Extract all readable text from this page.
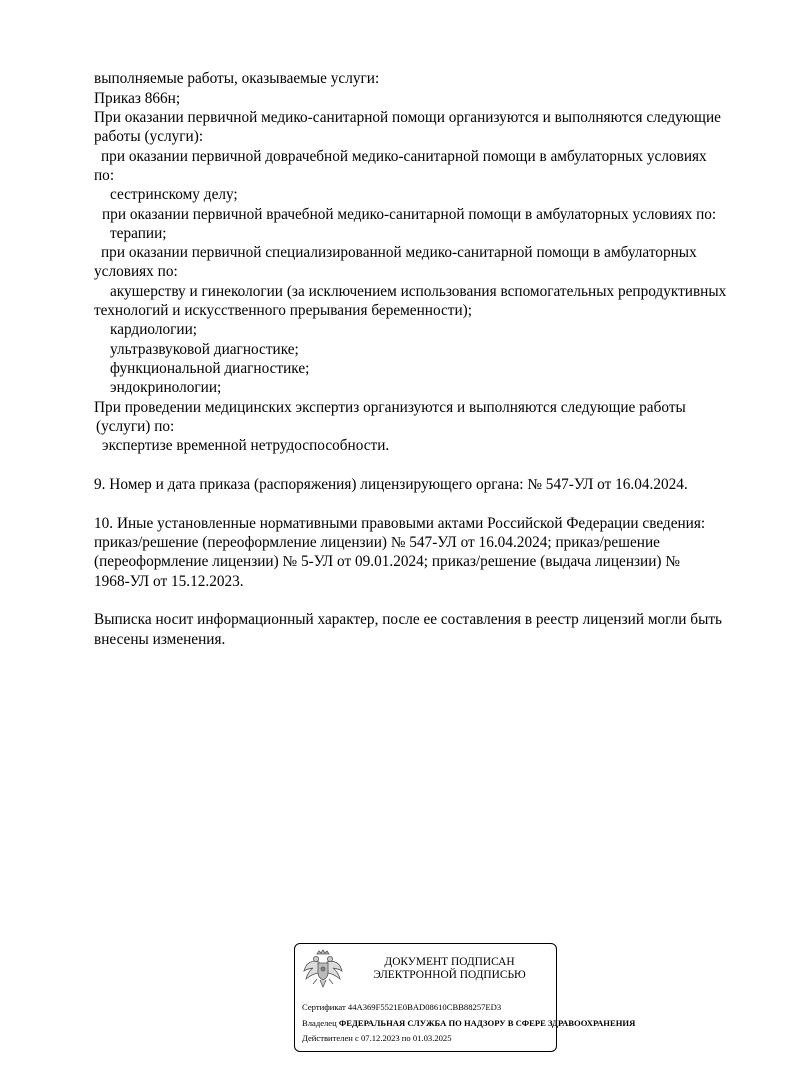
выполняемые работы, оказываемые услуги:
Приказ 866н;
При оказании первичной медико-санитарной помощи организуются и выполняются следующие
работы (услуги):
при оказании первичной доврачебной медико-санитарной помощи в амбулаторных условиях
по:
сестринскому делу;
при оказании первичной врачебной медико-санитарной помощи в амбулаторных условиях по:
терапии;
при оказании первичной специализированной медико-санитарной помощи в амбулаторных
условиях по:
акушерству и гинекологии (за исключением использования вспомогательных репродуктивных
технологий и искусственного прерывания беременности);
кардиологии;
ультразвуковой диагностике;
функциональной диагностике;
эндокринологии;
При проведении медицинских экспертиз организуются и выполняются следующие работы
(услуги) по:
экспертизе временной нетрудоспособности.
9. Номер и дата приказа (распоряжения) лицензирующего органа: № 547-УЛ от 16.04.2024.
10. Иные установленные нормативными правовыми актами Российской Федерации сведения:
приказ/решение (переоформление лицензии) № 547-УЛ от 16.04.2024; приказ/решение
(переоформление лицензии) № 5-УЛ от 09.01.2024; приказ/решение (выдача лицензии) №
1968-УЛ от 15.12.2023.
Выписка носит информационный характер, после ее составления в реестр лицензий могли быть
внесены изменения.
ДОКУМЕНТ ПОДПИСАН
ЭЛЕКТРОННОЙ ПОДПИСЬЮ
Сертификат 44A369F5521E0BAD08610CBB88257ED3
Владелец ФЕДЕРАЛЬНАЯ СЛУЖБА ПО НАДЗОРУ В СФЕРЕ ЗДРАВООХРАНЕНИЯ
Действителен с 07.12.2023 по 01.03.2025
